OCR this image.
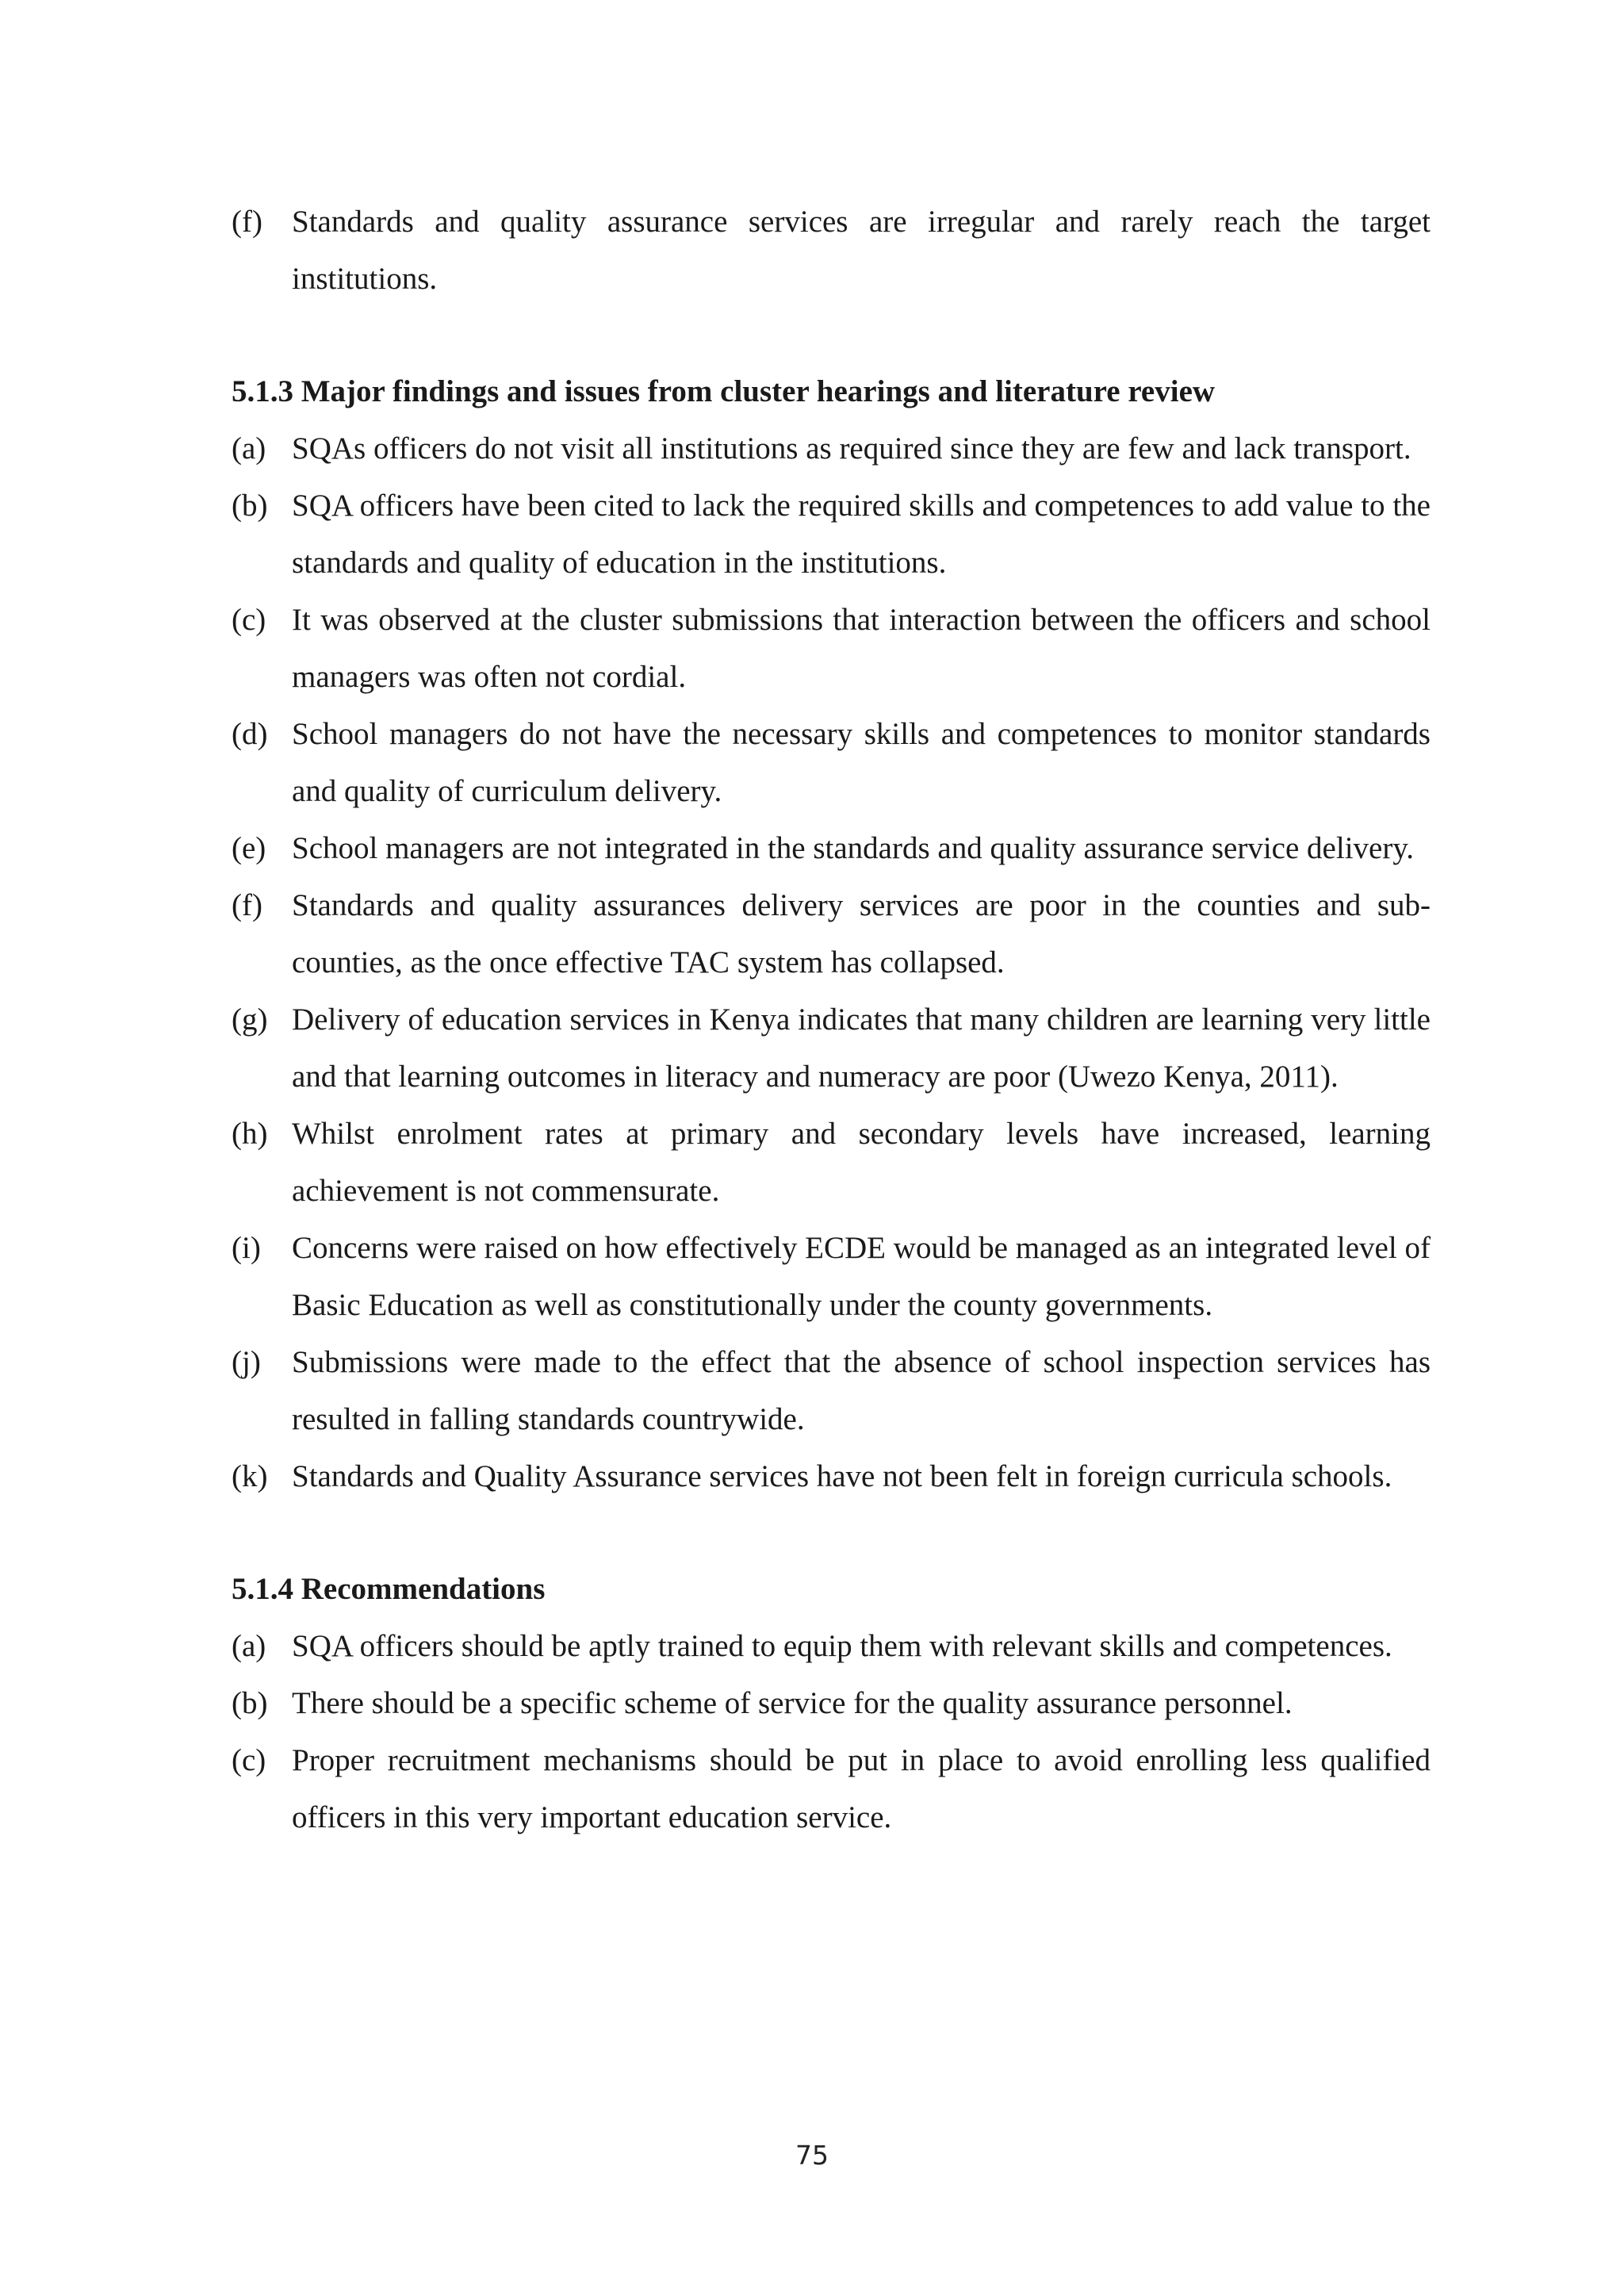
(f) Standards and quality assurance services are irregular and rarely reach the target institutions.
5.1.3 Major findings and issues from cluster hearings and literature review
(a) SQAs officers do not visit all institutions as required since they are few and lack transport.
(b) SQA officers have been cited to lack the required skills and competences to add value to the standards and quality of education in the institutions.
(c) It was observed at the cluster submissions that interaction between the officers and school managers was often not cordial.
(d) School managers do not have the necessary skills and competences to monitor standards and quality of curriculum delivery.
(e) School managers are not integrated in the standards and quality assurance service delivery.
(f) Standards and quality assurances delivery services are poor in the counties and sub-counties, as the once effective TAC system has collapsed.
(g) Delivery of education services in Kenya indicates that many children are learning very little and that learning outcomes in literacy and numeracy are poor (Uwezo Kenya, 2011).
(h) Whilst enrolment rates at primary and secondary levels have increased, learning achievement is not commensurate.
(i) Concerns were raised on how effectively ECDE would be managed as an integrated level of Basic Education as well as constitutionally under the county governments.
(j) Submissions were made to the effect that the absence of school inspection services has resulted in falling standards countrywide.
(k) Standards and Quality Assurance services have not been felt in foreign curricula schools.
5.1.4 Recommendations
(a) SQA officers should be aptly trained to equip them with relevant skills and competences.
(b) There should be a specific scheme of service for the quality assurance personnel.
(c) Proper recruitment mechanisms should be put in place to avoid enrolling less qualified officers in this very important education service.
75
